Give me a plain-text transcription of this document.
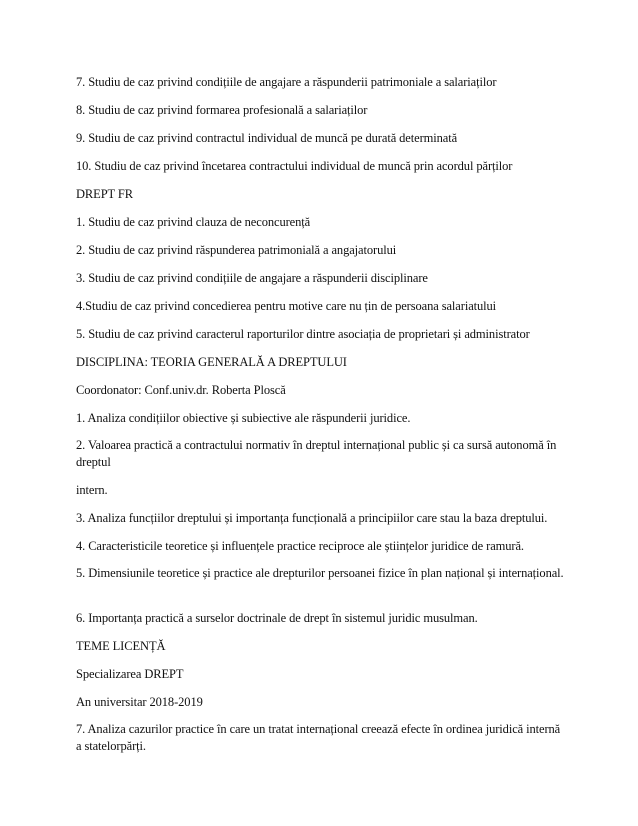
7. Studiu de caz privind condițiile de angajare a răspunderii patrimoniale a salariaților
8. Studiu de caz privind formarea profesională a salariaților
9. Studiu de caz privind contractul individual de muncă pe durată determinată
10. Studiu de caz privind încetarea contractului individual de muncă prin acordul părților
DREPT FR
1. Studiu de caz privind clauza de neconcurență
2. Studiu de caz privind răspunderea patrimonială a angajatorului
3. Studiu de caz privind condițiile de angajare a răspunderii disciplinare
4.Studiu de caz privind concedierea pentru motive care nu țin de persoana salariatului
5. Studiu de caz privind caracterul raporturilor dintre asociația de proprietari și administrator
DISCIPLINA: TEORIA GENERALĂ A DREPTULUI
Coordonator: Conf.univ.dr. Roberta Ploscă
1. Analiza condițiilor obiective și subiective ale răspunderii juridice.
2. Valoarea practică a contractului normativ în dreptul internațional public și ca sursă autonomă în dreptul
intern.
3. Analiza funcțiilor dreptului și importanța funcțională a principiilor care stau la baza dreptului.
4. Caracteristicile teoretice și influențele practice reciproce ale științelor juridice de ramură.
5. Dimensiunile teoretice și practice ale drepturilor persoanei fizice în plan național și internațional.
6. Importanța practică a surselor doctrinale de drept în sistemul juridic musulman.
TEME LICENȚĂ
Specializarea DREPT
An universitar 2018-2019
7. Analiza cazurilor practice în care un tratat internațional creează efecte în ordinea juridică internă a statelorpărți.
